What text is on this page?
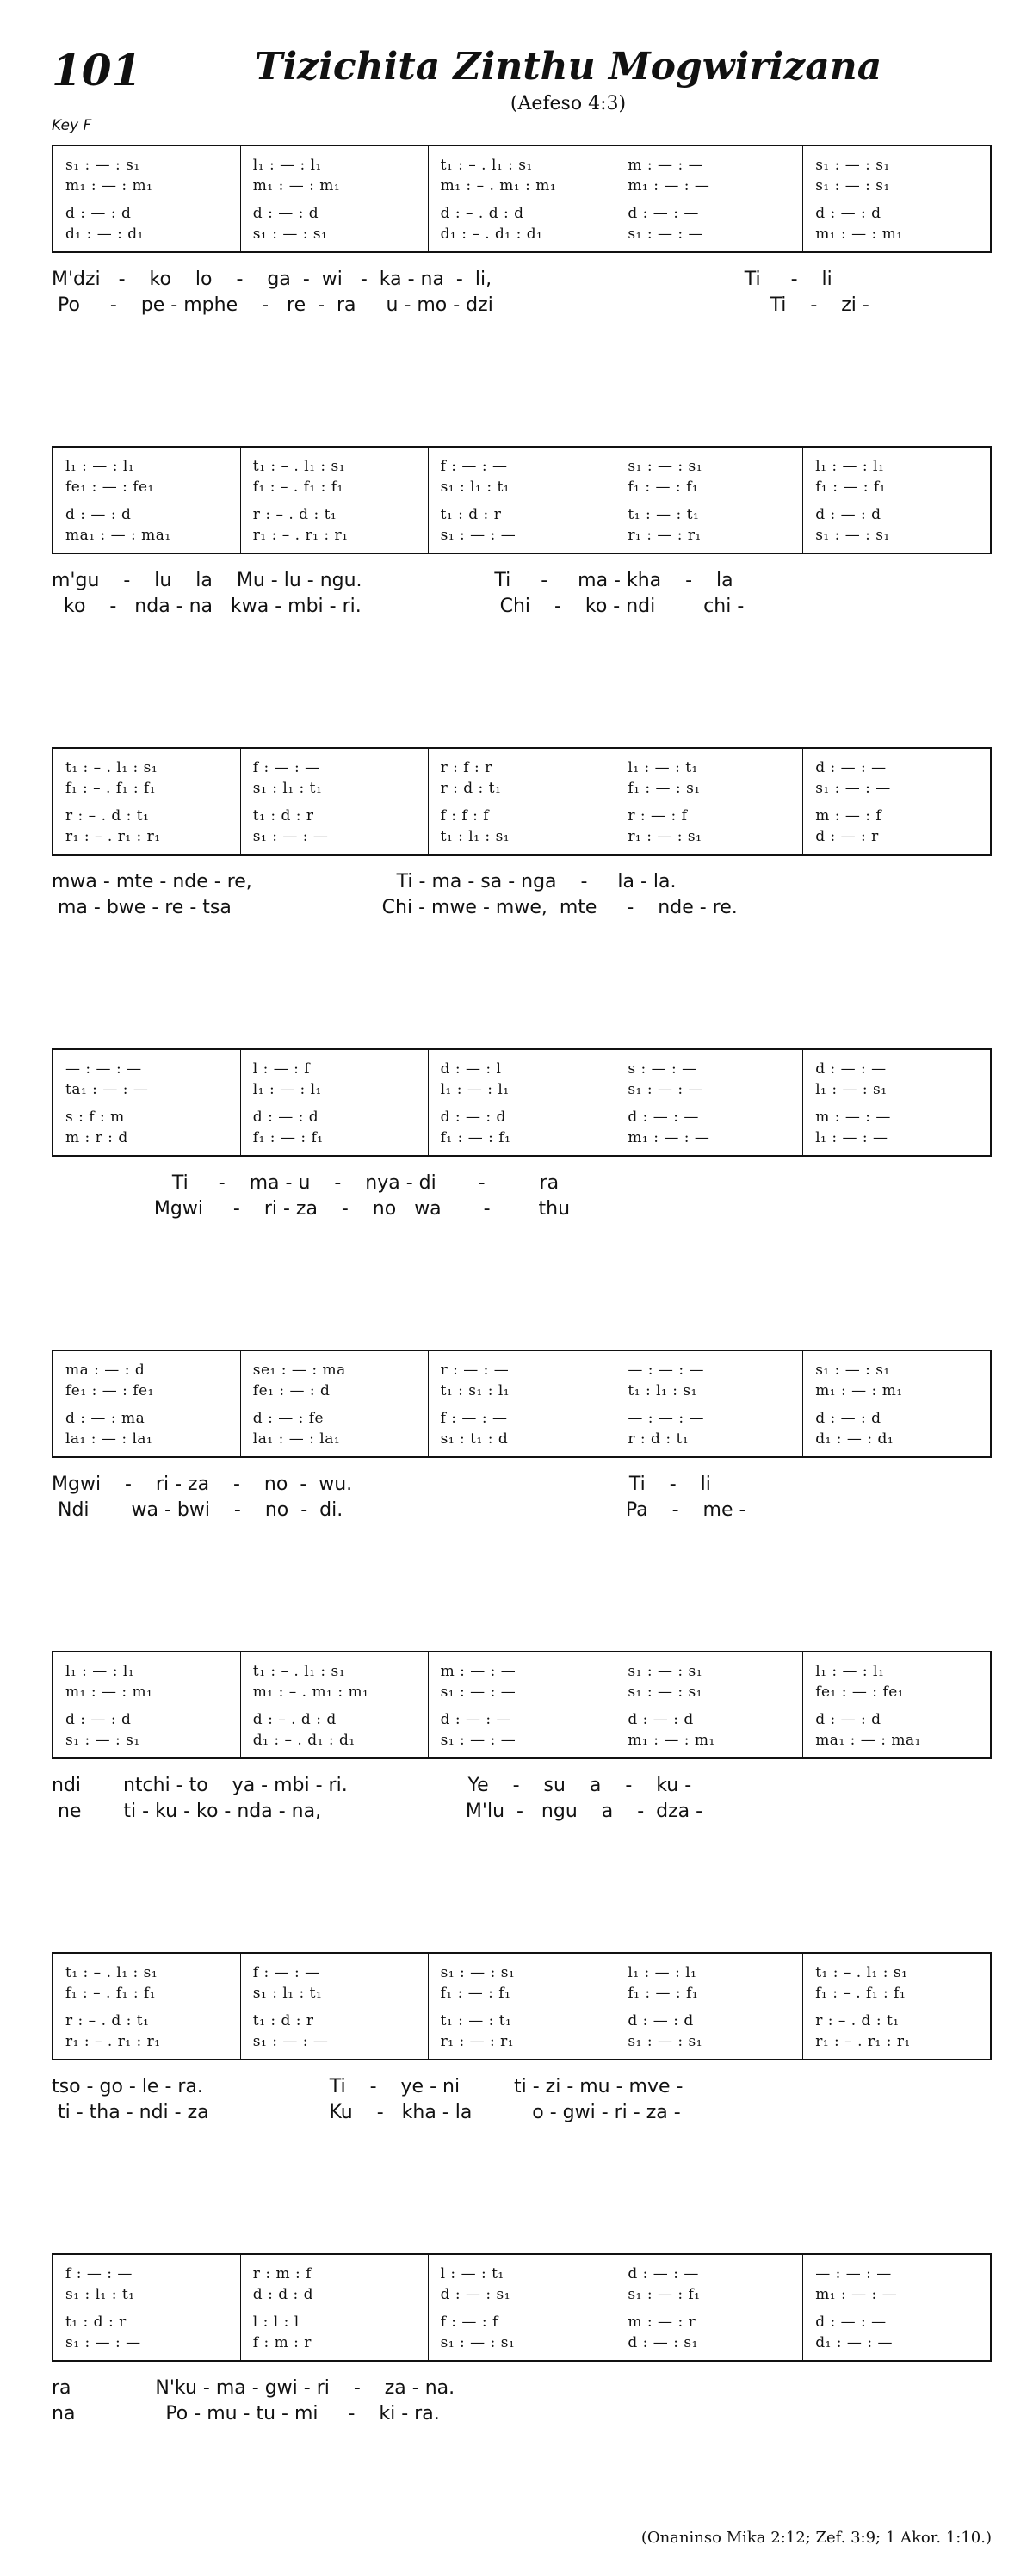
101	Tizichita Zinthu Mogwirizana
(Aefeso 4:3)
Key F
s₁ : — : s₁
m₁ : — : m₁
d : — : d
d₁ : — : d₁
l₁ : — : l₁
m₁ : — : m₁
d : — : d
s₁ : — : s₁
t₁ : – . l₁ : s₁
m₁ : – . m₁ : m₁
d : – . d : d
d₁ : – . d₁ : d₁
m : — : —
m₁ : — : —
d : — : —
s₁ : — : —
s₁ : — : s₁
s₁ : — : s₁
d : — : d
m₁ : — : m₁
M'dzi   -    ko    lo    -    ga  -  wi   -  ka - na  -  li,                                          Ti     -    li
Po     -    pe - mphe    -   re  -  ra     u - mo - dzi                                              Ti    -    zi -
l₁ : — : l₁
fe₁ : — : fe₁
d : — : d
ma₁ : — : ma₁
t₁ : – . l₁ : s₁
f₁ : – . f₁ : f₁
r : – . d : t₁
r₁ : – . r₁ : r₁
f : — : —
s₁ : l₁ : t₁
t₁ : d : r
s₁ : — : —
s₁ : — : s₁
f₁ : — : f₁
t₁ : — : t₁
r₁ : — : r₁
l₁ : — : l₁
f₁ : — : f₁
d : — : d
s₁ : — : s₁
m'gu    -    lu    la    Mu - lu - ngu.                      Ti     -     ma - kha    -    la
ko    -   nda - na   kwa - mbi - ri.                       Chi    -    ko - ndi        chi -
t₁ : – . l₁ : s₁
f₁ : – . f₁ : f₁
r : – . d : t₁
r₁ : – . r₁ : r₁
f : — : —
s₁ : l₁ : t₁
t₁ : d : r
s₁ : — : —
r : f : r
r : d : t₁
f : f : f
t₁ : l₁ : s₁
l₁ : — : t₁
f₁ : — : s₁
r : — : f
r₁ : — : s₁
d : — : —
s₁ : — : —
m : — : f
d : — : r
mwa - mte - nde - re,                        Ti - ma - sa - nga    -     la - la.
ma - bwe - re - tsa                         Chi - mwe - mwe,  mte     -    nde - re.
— : — : —
ta₁ : — : —
s : f : m
m : r : d
l : — : f
l₁ : — : l₁
d : — : d
f₁ : — : f₁
d : — : l
l₁ : — : l₁
d : — : d
f₁ : — : f₁
s : — : —
s₁ : — : —
d : — : —
m₁ : — : —
d : — : —
l₁ : — : s₁
m : — : —
l₁ : — : —
Ti     -    ma - u    -    nya - di       -         ra
Mgwi     -    ri - za    -    no   wa       -        thu
ma : — : d
fe₁ : — : fe₁
d : — : ma
la₁ : — : la₁
se₁ : — : ma
fe₁ : — : d
d : — : fe
la₁ : — : la₁
r : — : —
t₁ : s₁ : l₁
f : — : —
s₁ : t₁ : d
— : — : —
t₁ : l₁ : s₁
— : — : —
r : d : t₁
s₁ : — : s₁
m₁ : — : m₁
d : — : d
d₁ : — : d₁
Mgwi    -    ri - za    -    no  -  wu.                                              Ti    -    li
Ndi       wa - bwi    -    no  -  di.                                               Pa    -    me -
l₁ : — : l₁
m₁ : — : m₁
d : — : d
s₁ : — : s₁
t₁ : – . l₁ : s₁
m₁ : – . m₁ : m₁
d : – . d : d
d₁ : – . d₁ : d₁
m : — : —
s₁ : — : —
d : — : —
s₁ : — : —
s₁ : — : s₁
s₁ : — : s₁
d : — : d
m₁ : — : m₁
l₁ : — : l₁
fe₁ : — : fe₁
d : — : d
ma₁ : — : ma₁
ndi       ntchi - to    ya - mbi - ri.                    Ye    -    su    a    -    ku -
ne       ti - ku - ko - nda - na,                        M'lu  -   ngu    a    -  dza -
t₁ : – . l₁ : s₁
f₁ : – . f₁ : f₁
r : – . d : t₁
r₁ : – . r₁ : r₁
f : — : —
s₁ : l₁ : t₁
t₁ : d : r
s₁ : — : —
s₁ : — : s₁
f₁ : — : f₁
t₁ : — : t₁
r₁ : — : r₁
l₁ : — : l₁
f₁ : — : f₁
d : — : d
s₁ : — : s₁
t₁ : – . l₁ : s₁
f₁ : – . f₁ : f₁
r : – . d : t₁
r₁ : – . r₁ : r₁
tso - go - le - ra.                     Ti    -    ye - ni         ti - zi - mu - mve -
ti - tha - ndi - za                    Ku    -   kha - la          o - gwi - ri - za -
f : — : —
s₁ : l₁ : t₁
t₁ : d : r
s₁ : — : —
r : m : f
d : d : d
l : l : l
f : m : r
l : — : t₁
d : — : s₁
f : — : f
s₁ : — : s₁
d : — : —
s₁ : — : f₁
m : — : r
d : — : s₁
— : — : —
m₁ : — : —
d : — : —
d₁ : — : —
ra              N'ku - ma - gwi - ri    -    za - na.
na               Po - mu - tu - mi     -    ki - ra.
(Onaninso Mika 2:12; Zef. 3:9; 1 Akor. 1:10.)
